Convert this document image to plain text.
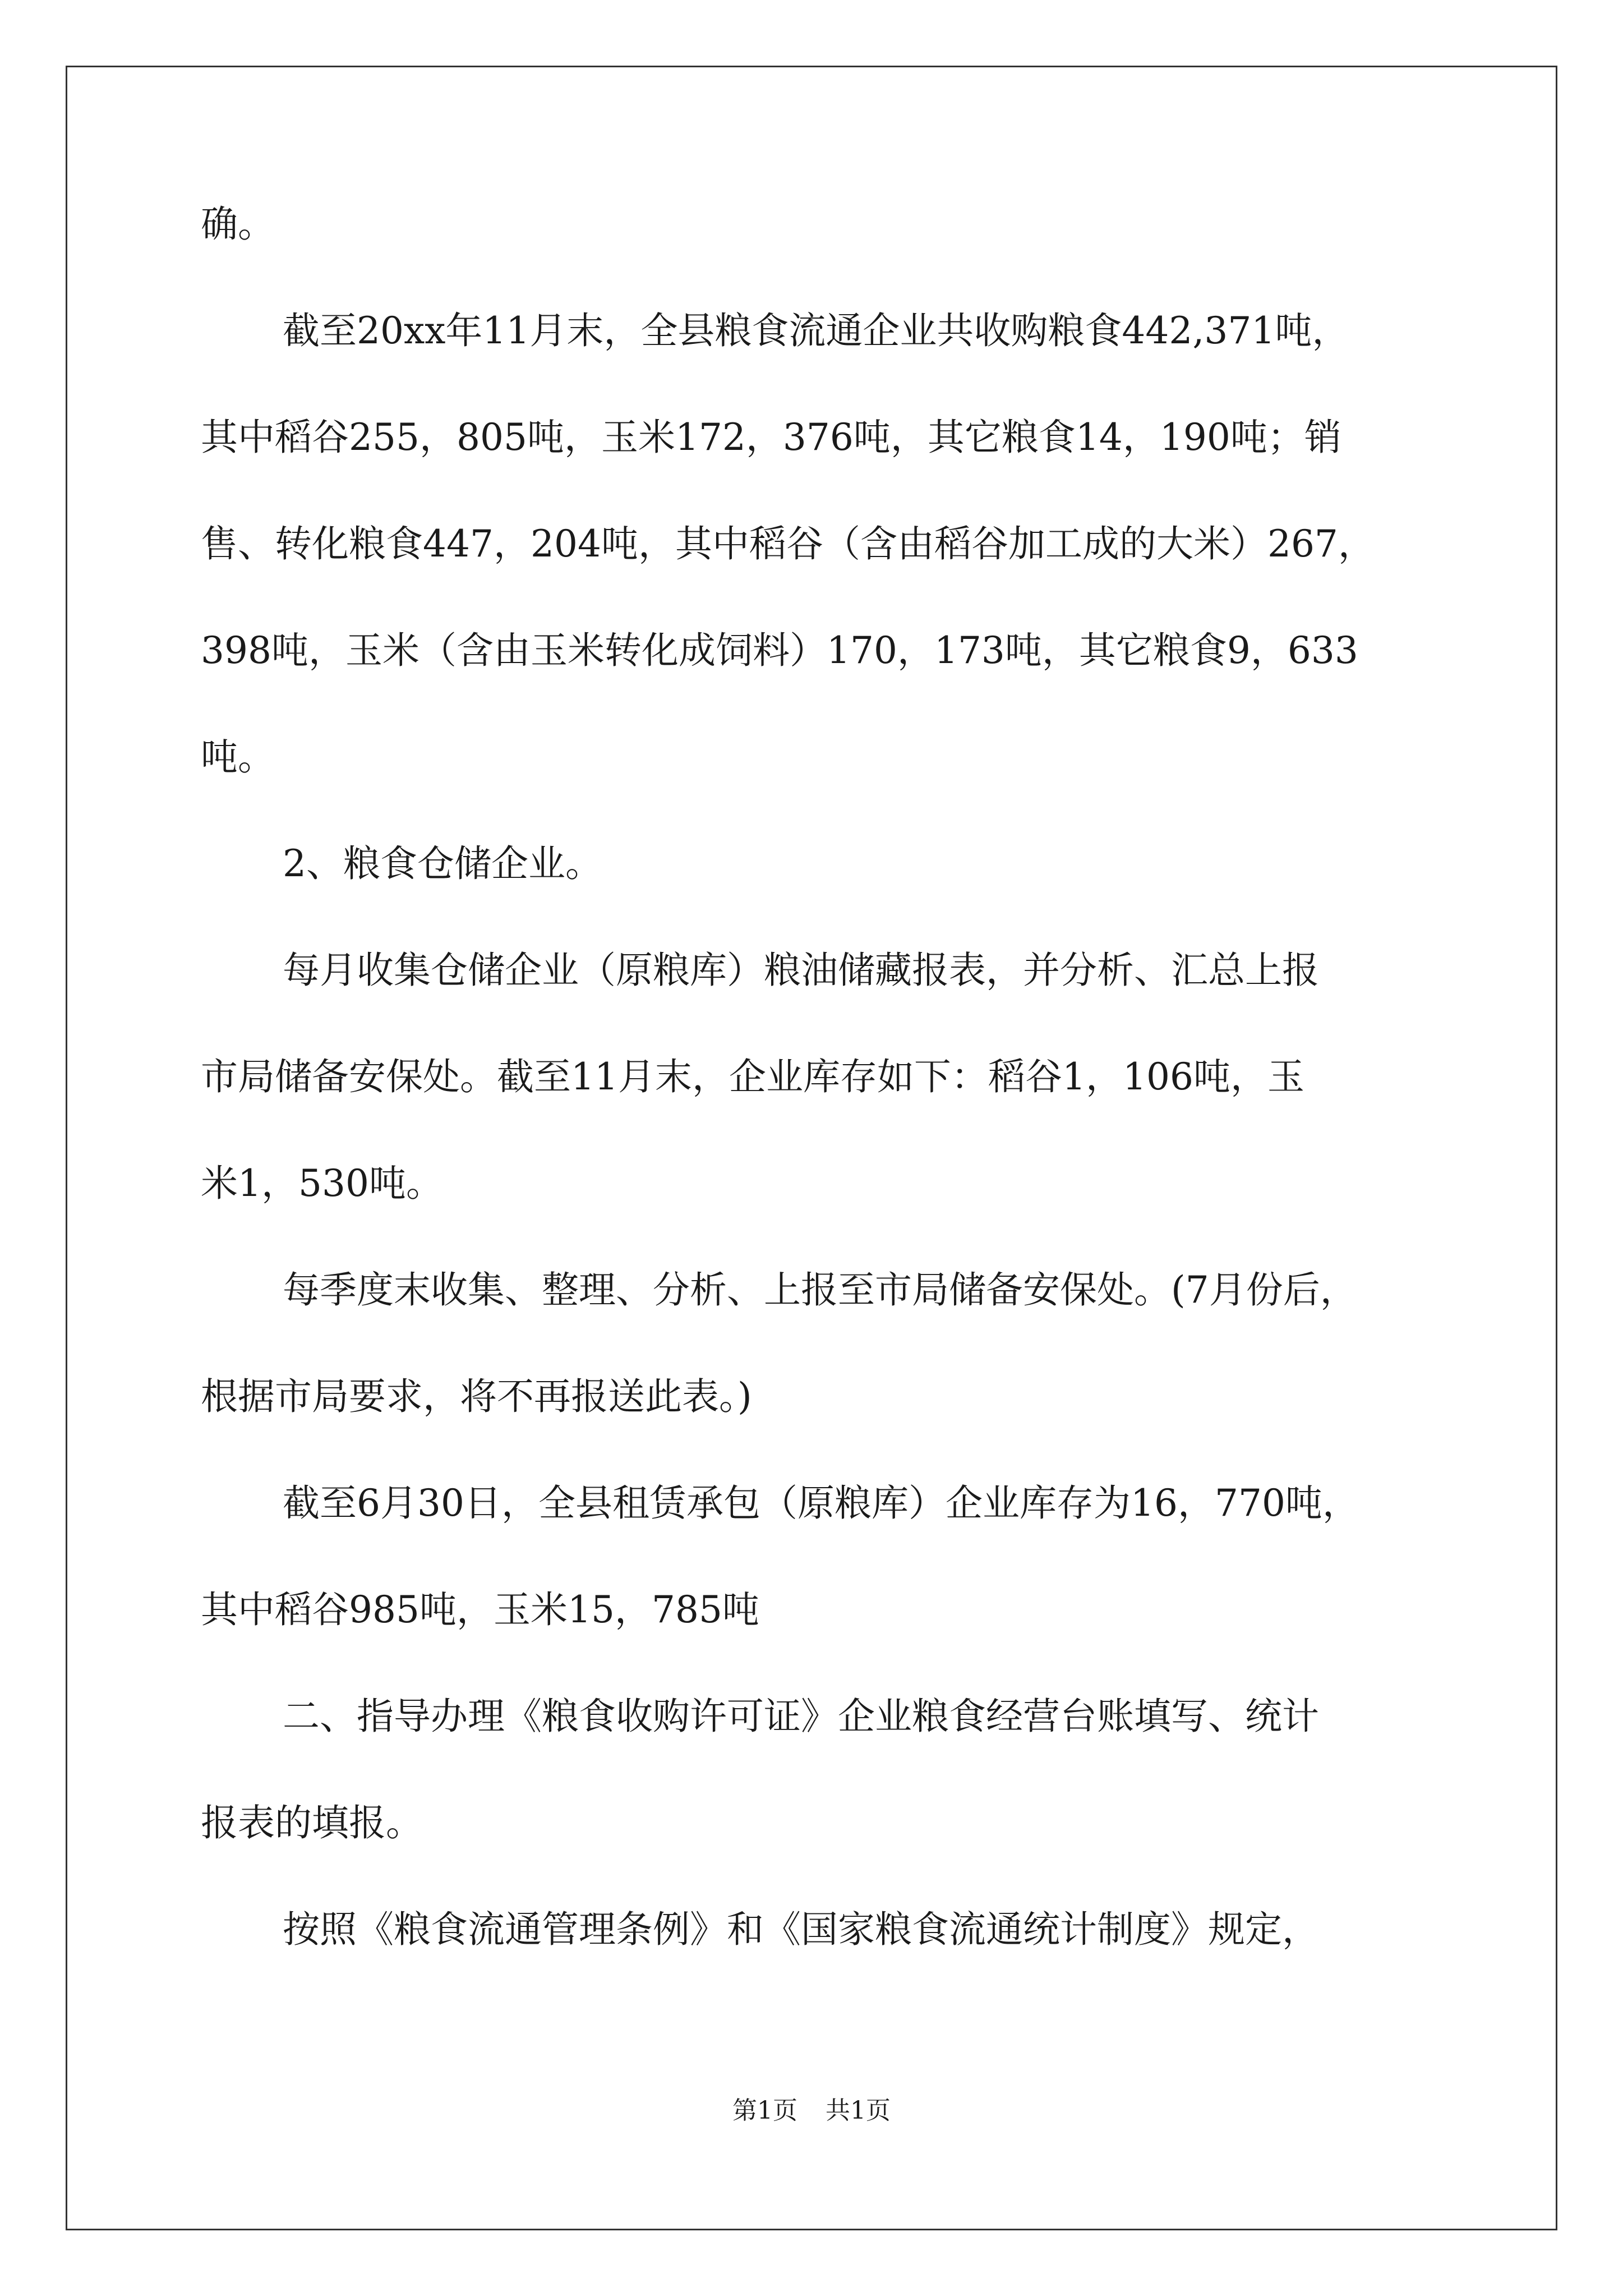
确。
截至20xx年11月末，全县粮食流通企业共收购粮食442,371吨，
其中稻谷255，805吨，玉米172，376吨，其它粮食14，190吨；销
售、转化粮食447，204吨，其中稻谷（含由稻谷加工成的大米）267，
398吨，玉米（含由玉米转化成饲料）170，173吨，其它粮食9，633
吨。
2、粮食仓储企业。
每月收集仓储企业（原粮库）粮油储藏报表，并分析、汇总上报
市局储备安保处。截至11月末，企业库存如下：稻谷1，106吨，玉
米1，530吨。
每季度末收集、整理、分析、上报至市局储备安保处。(7月份后，
根据市局要求，将不再报送此表。)
截至6月30日，全县租赁承包（原粮库）企业库存为16，770吨，
其中稻谷985吨，玉米15，785吨
二、指导办理《粮食收购许可证》企业粮食经营台账填写、统计
报表的填报。
按照《粮食流通管理条例》和《国家粮食流通统计制度》规定，
第1页 共1页
